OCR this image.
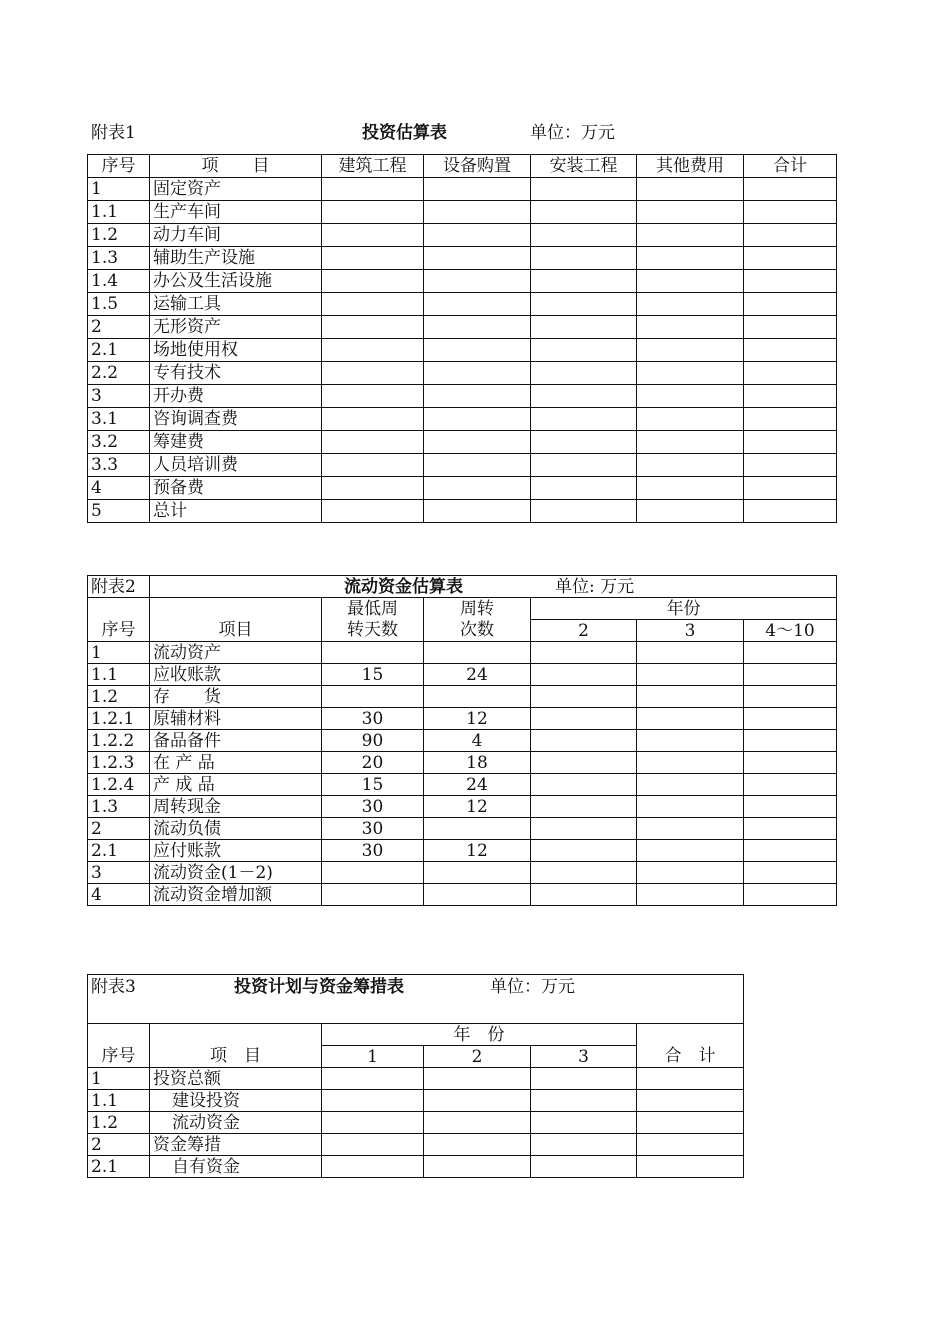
附表1	投资估算表	单位：万元
序号	项　　目	建筑工程	设备购置	安装工程	其他费用	合计
1	固定资产					
1.1	生产车间					
1.2	动力车间					
1.3	辅助生产设施					
1.4	办公及生活设施					
1.5	运输工具					
2	无形资产					
2.1	场地使用权					
2.2	专有技术					
3	开办费					
3.1	咨询调查费					
3.2	筹建费					
3.3	人员培训费					
4	预备费					
5	总计					
附表2	流动资金估算表 单位: 万元					

		最低周	周转	年份		
序号	项目	转天数	次数	2	3	4～10
1	流动资产					
1.1	应收账款	15	24			
1.2	存　　货					
1.2.1	原辅材料	30	12			
1.2.2	备品备件	90	4			
1.2.3	在 产 品	20	18			
1.2.4	产 成 品	15	24			
1.3	周转现金	30	12			
2	流动负债	30				
2.1	应付账款	30	12			
3	流动资金(1－2)					
4	流动资金增加额					
附表3 投资计划与资金筹措表 单位：万元					

		年　份			
序号	项　目	1	2	3	合　计
1	投资总额				
1.1	建设投资				
1.2	流动资金				
2	资金筹措				
2.1	自有资金				
